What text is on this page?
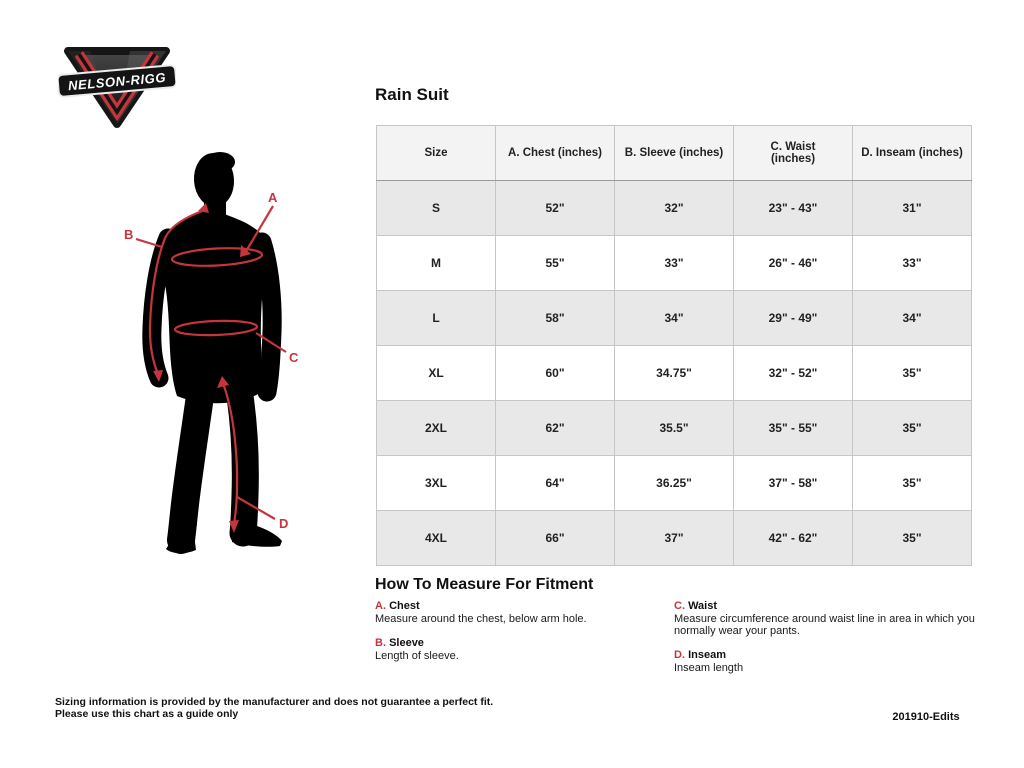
NELSON-RIGG
A
B
C
D
Rain Suit
Size	A. Chest (inches)	B. Sleeve (inches)	C. Waist (inches)	D. Inseam (inches)
S	52"	32"	23" - 43"	31"
M	55"	33"	26" - 46"	33"
L	58"	34"	29" - 49"	34"
XL	60"	34.75"	32" - 52"	35"
2XL	62"	35.5"	35" - 55"	35"
3XL	64"	36.25"	37" - 58"	35"
4XL	66"	37"	42" - 62"	35"
How To Measure For Fitment
A. Chest
Measure around the chest, below arm hole.
B. Sleeve
Length of sleeve.
C. Waist
Measure circumference around waist line in area in which you normally wear your pants.
D. Inseam
Inseam length
Sizing information is provided by the manufacturer and does not guarantee a perfect fit.
Please use this chart as a guide only	201910-Edits
